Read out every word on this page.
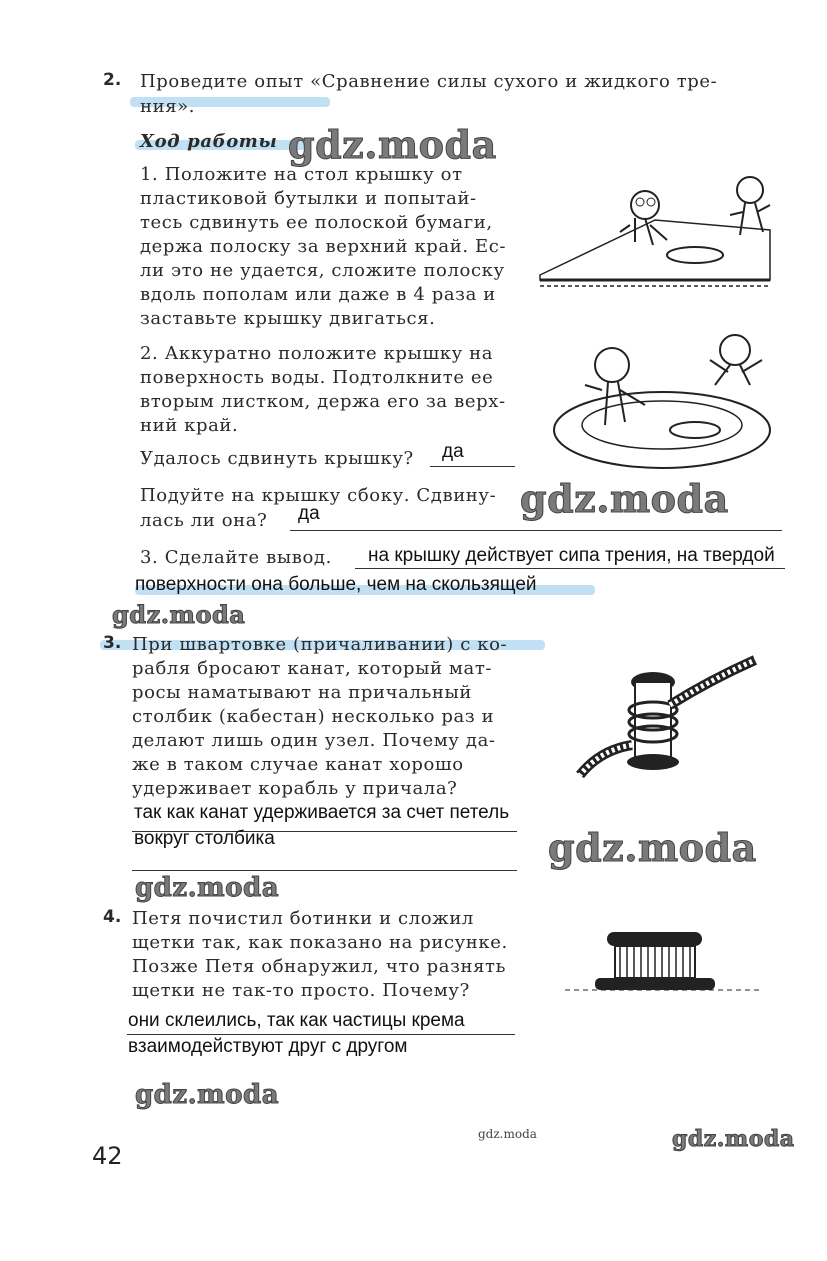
2. Проведите опыт «Сравнение силы сухого и жидкого тре-
ния».
Ход работы
1. Положите на стол крышку от
пластиковой бутылки и попытай-
тесь сдвинуть ее полоской бумаги,
держа полоску за верхний край. Ес-
ли это не удается, сложите полоску
вдоль пополам или даже в 4 раза и
заставьте крышку двигаться.
2. Аккуратно положите крышку на
поверхность воды. Подтолкните ее
вторым листком, держа его за верх-
ний край.
Удалось сдвинуть крышку? да
Подуйте на крышку сбоку. Сдвину-
лась ли она? да
3. Сделайте вывод. на крышку действует сипа трения, на твердой
поверхности она больше, чем на скользящей
3. При швартовке (причаливании) с ко-
рабля бросают канат, который мат-
росы наматывают на причальный
столбик (кабестан) несколько раз и
делают лишь один узел. Почему да-
же в таком случае канат хорошо
удерживает корабль у причала?
так как канат удерживается за счет петель
вокруг столбика
4. Петя почистил ботинки и сложил
щетки так, как показано на рисунке.
Позже Петя обнаружил, что разнять
щетки не так-то просто. Почему?
они склеились, так как частицы крема
взаимодействуют друг с другом
42
gdz.moda
gdz.moda
gdz.moda
gdz.moda
gdz.moda
gdz.moda
gdz.moda	gdz.moda
